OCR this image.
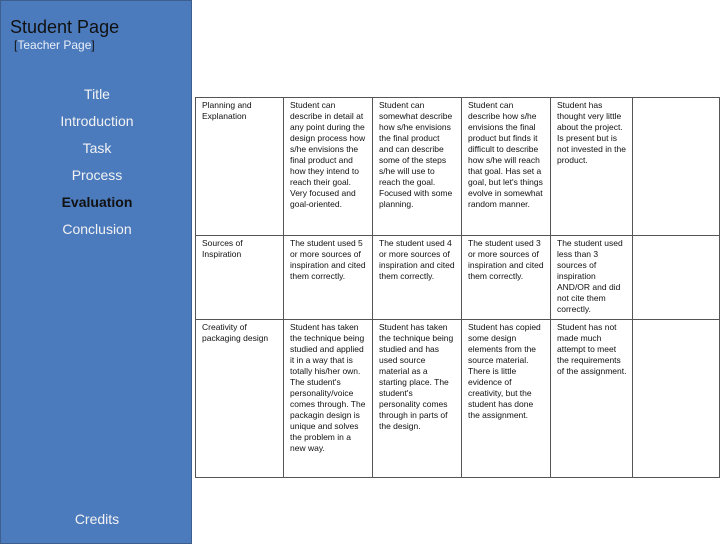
Student Page
[Teacher Page]
Title
Introduction
Task
Process
Evaluation
Conclusion
Credits
Planning and Explanation	Student can describe in detail at any point during the design process how s/he envisions the final product and how they intend to reach their goal. Very focused and goal-oriented.	Student can somewhat describe how s/he envisions the final product and can describe some of the steps s/he will use to reach the goal. Focused with some planning.	Student can describe how s/he envisions the final product but finds it difficult to describe how s/he will reach that goal. Has set a goal, but let's things evolve in somewhat random manner.	Student has thought very little about the project. Is present but is not invested in the product.	
Sources of Inspiration	The student used 5 or more sources of inspiration and cited them correctly.	The student used 4 or more sources of inspiration and cited them correctly.	The student used 3 or more sources of inspiration and cited them correctly.	The student used less than 3 sources of inspiration AND/OR and did not cite them correctly.	
Creativity of packaging design	Student has taken the technique being studied and applied it in a way that is totally his/her own. The student's personality/voice comes through. The packagin design is unique and solves the problem in a new way.	Student has taken the technique being studied and has used source material as a starting place. The student's personality comes through in parts of the design.	Student has copied some design elements from the source material. There is little evidence of creativity, but the student has done the assignment.	Student has not made much attempt to meet the requirements of the assignment.	
